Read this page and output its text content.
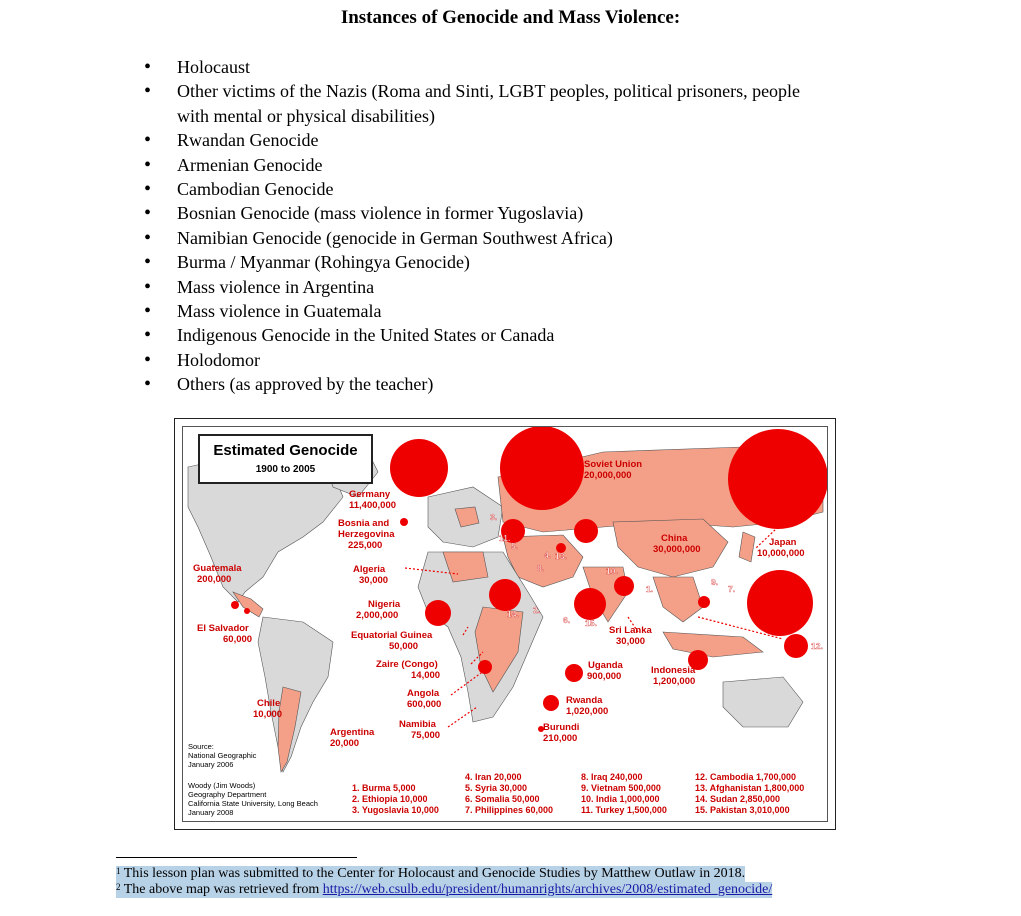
Instances of Genocide and Mass Violence:
• Holocaust
• Other victims of the Nazis (Roma and Sinti, LGBT peoples, political prisoners, people
with mental or physical disabilities)
• Rwandan Genocide
• Armenian Genocide
• Cambodian Genocide
• Bosnian Genocide (mass violence in former Yugoslavia)
• Namibian Genocide (genocide in German Southwest Africa)
• Burma / Myanmar (Rohingya Genocide)
• Mass violence in Argentina
• Mass violence in Guatemala
• Indigenous Genocide in the United States or Canada
• Holodomor
• Others (as approved by the teacher)
Estimated Genocide
1900 to 2005	Soviet Union 20,000,000
Germany 11,400,000
Bosnia and Herzegovina 225,000
China 30,000,000
Japan 10,000,000
Guatemala 200,000
Algeria 30,000
Nigeria 2,000,000
El Salvador 60,000	Equatorial Guinea 50,000
Sri Lanka 30,000
Zaire (Congo) 14,000
Uganda 900,000
Indonesia 1,200,000
Angola 600,000	Rwanda 1,020,000
Chile 10,000
Namibia 75,000
Burundi 210,000
Argentina 20,000
1.
2.
3.
4.
5.
6.
7.
8.
9.
10.
11.
12.
13.
14.
15.
Source: National Geographic January 2006
Woody (Jim Woods) Geography Department California State University, Long Beach January 2008
1. Burma 5,000 2. Ethiopia 10,000 3. Yugoslavia 10,000
4. Iran 20,000 5. Syria 30,000 6. Somalia 50,000 7. Philippines 60,000
8. Iraq 240,000 9. Vietnam 500,000 10. India 1,000,000 11. Turkey 1,500,000
12. Cambodia 1,700,000 13. Afghanistan 1,800,000 14. Sudan 2,850,000 15. Pakistan 3,010,000
$^1$ This lesson plan was submitted to the Center for Holocaust and Genocide Studies by Matthew Outlaw in 2018.
$^2$ The above map was retrieved from https://web.csulb.edu/president/humanrights/archives/2008/estimated_genocide/
